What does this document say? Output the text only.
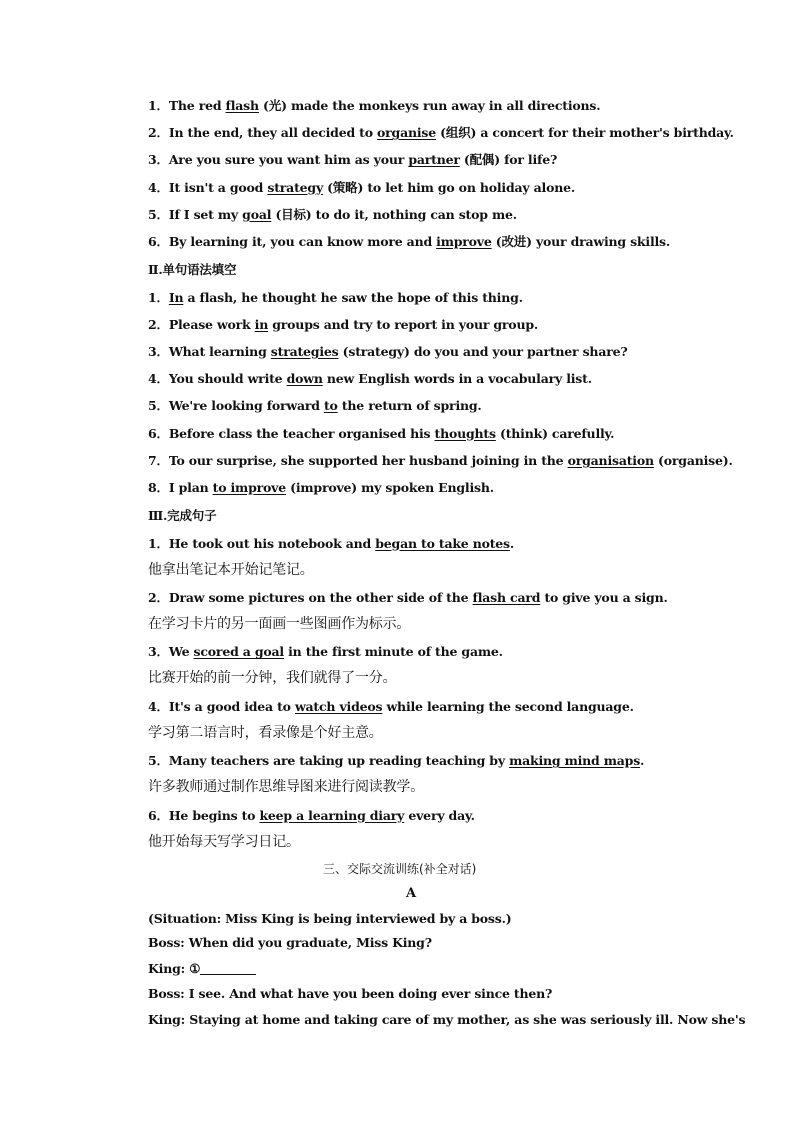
1．The red flash (光) made the monkeys run away in all directions.
2．In the end, they all decided to organise (组织) a concert for their mother's birthday.
3．Are you sure you want him as your partner (配偶) for life?
4．It isn't a good strategy (策略) to let him go on holiday alone.
5．If I set my goal (目标) to do it, nothing can stop me.
6．By learning it, you can know more and improve (改进) your drawing skills.
Ⅱ.单句语法填空
1．In a flash, he thought he saw the hope of this thing.
2．Please work in groups and try to report in your group.
3．What learning strategies (strategy) do you and your partner share?
4．You should write down new English words in a vocabulary list.
5．We're looking forward to the return of spring.
6．Before class the teacher organised his thoughts (think) carefully.
7．To our surprise, she supported her husband joining in the organisation (organise).
8．I plan to improve (improve) my spoken English.
Ⅲ.完成句子
1．He took out his notebook and began to take notes.
他拿出笔记本开始记笔记。
2．Draw some pictures on the other side of the flash card to give you a sign.
在学习卡片的另一面画一些图画作为标示。
3．We scored a goal in the first minute of the game.
比赛开始的前一分钟，我们就得了一分。
4．It's a good idea to watch videos while learning the second language.
学习第二语言时，看录像是个好主意。
5．Many teachers are taking up reading teaching by making mind maps.
许多教师通过制作思维导图来进行阅读教学。
6．He begins to keep a learning diary every day.
他开始每天写学习日记。
三、交际交流训练(补全对话)
A
(Situation: Miss King is being interviewed by a boss.)
Boss: When did you graduate, Miss King?
King: ①
Boss: I see. And what have you been doing ever since then?
King: Staying at home and taking care of my mother, as she was seriously ill. Now she's
